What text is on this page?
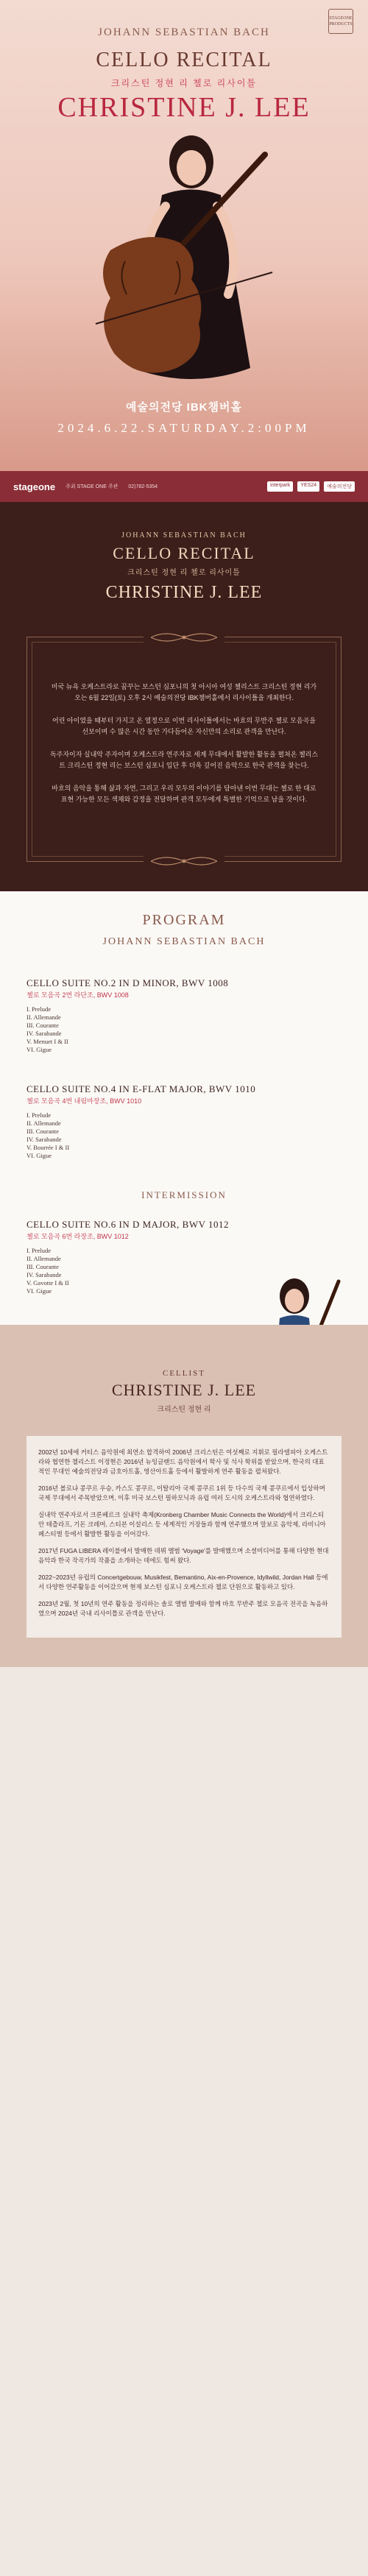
STAGEONE
PRODUCTS
JOHANN SEBASTIAN BACH
CELLO RECITAL
크리스틴 정현 리 첼로 리사이틀
CHRISTINE J. LEE
예술의전당 IBK챔버홀
2024.6.22.SATURDAY.2:00PM
stageone 주최 STAGE ONE 주관 02)782-5354	interpark	YES24	예술의전당
JOHANN SEBASTIAN BACH
CELLO RECITAL
크리스틴 정현 리 첼로 리사이틀
CHRISTINE J. LEE

미국 뉴욕 오케스트라로 꿈꾸는 보스턴 심포니의 첫 아시아 여성 첼리스트 크리스틴 정현 리가 오는 6월 22일(토) 오후 2시 예술의전당 IBK챔버홀에서 리사이틀을 개최한다.

어린 아이였을 때부터 가지고 온 열정으로 이번 리사이틀에서는 바흐의 무반주 첼로 모음곡을 선보이며 수 많은 시간 동안 가다듬어온 자신만의 소리로 관객을 만난다.

독주자이자 실내악 주자이며 오케스트라 연주자로 세계 무대에서 활발한 활동을 펼쳐온 첼리스트 크리스틴 정현 리는 보스턴 심포니 입단 후 더욱 깊어진 음악으로 한국 관객을 찾는다.

바흐의 음악을 통해 삶과 자연, 그리고 우리 모두의 이야기를 담아낸 이번 무대는 첼로 한 대로 표현 가능한 모든 색채와 감정을 전달하며 관객 모두에게 특별한 기억으로 남을 것이다.

PROGRAM
JOHANN SEBASTIAN BACH
CELLO SUITE NO.2 IN D MINOR, BWV 1008
첼로 모음곡 2번 라단조, BWV 1008
I. Prelude
II. Allemande
III. Courante
IV. Sarabande
V. Menuet I & II
VI. Gigue
CELLO SUITE NO.4 IN E-FLAT MAJOR, BWV 1010
첼로 모음곡 4번 내림마장조, BWV 1010
I. Prelude
II. Allemande
III. Courante
IV. Sarabande
V. Bourrée I & II
VI. Gigue
INTERMISSION
CELLO SUITE NO.6 IN D MAJOR, BWV 1012
첼로 모음곡 6번 라장조, BWV 1012
I. Prelude
II. Allemande
III. Courante
IV. Sarabande
V. Gavotte I & II
VI. Gigue
CELLIST
CHRISTINE J. LEE
크리스틴 정현 리

2002년 10세에 커티스 음악원에 최연소 합격하여 2006년 크리스틴은 여섯째로 지휘로 필라델피아 오케스트라와 협연한 첼리스트 이정현은 2016년 뉴잉글랜드 음악원에서 학사 및 석사 학위를 받았으며, 한국의 대표적인 무대인 예술의전당과 금호아트홀, 영산아트홀 등에서 활발하게 연주 활동을 펼쳐왔다.

2016년 볼로냐 콩쿠르 우승, 카스도 콩쿠르, 이탈리아 국제 콩쿠르 1위 등 다수의 국제 콩쿠르에서 입상하며 국제 무대에서 주목받았으며, 이후 미국 보스턴 필하모닉과 유럽 여러 도시의 오케스트라와 협연하였다.

실내악 연주자로서 크론베르크 실내악 축제(Kronberg Chamber Music Connects the World)에서 크리스티안 테츨라프, 기돈 크레머, 스티븐 이설리스 등 세계적인 거장들과 함께 연주했으며 말보로 음악제, 라비니아 페스티벌 등에서 활발한 활동을 이어갔다.

2017년 FUGA LIBERA 레이블에서 발매한 데뷔 앨범 'Voyage'를 발매했으며 소셜미디어를 통해 다양한 현대음악과 한국 작곡가의 작품을 소개하는 데에도 힘써 왔다.

2022~2023년 유럽의 Concertgebouw, Musikfest, Bemantino, Aix-en-Provence, Idyllwild, Jordan Hall 등에서 다양한 연주활동을 이어갔으며 현재 보스턴 심포니 오케스트라 첼로 단원으로 활동하고 있다.

2023년 2월, 첫 10년의 연주 활동을 정리하는 솔로 앨범 발매와 함께 바흐 무반주 첼로 모음곡 전곡을 녹음하였으며 2024년 국내 리사이틀로 관객을 만난다.
